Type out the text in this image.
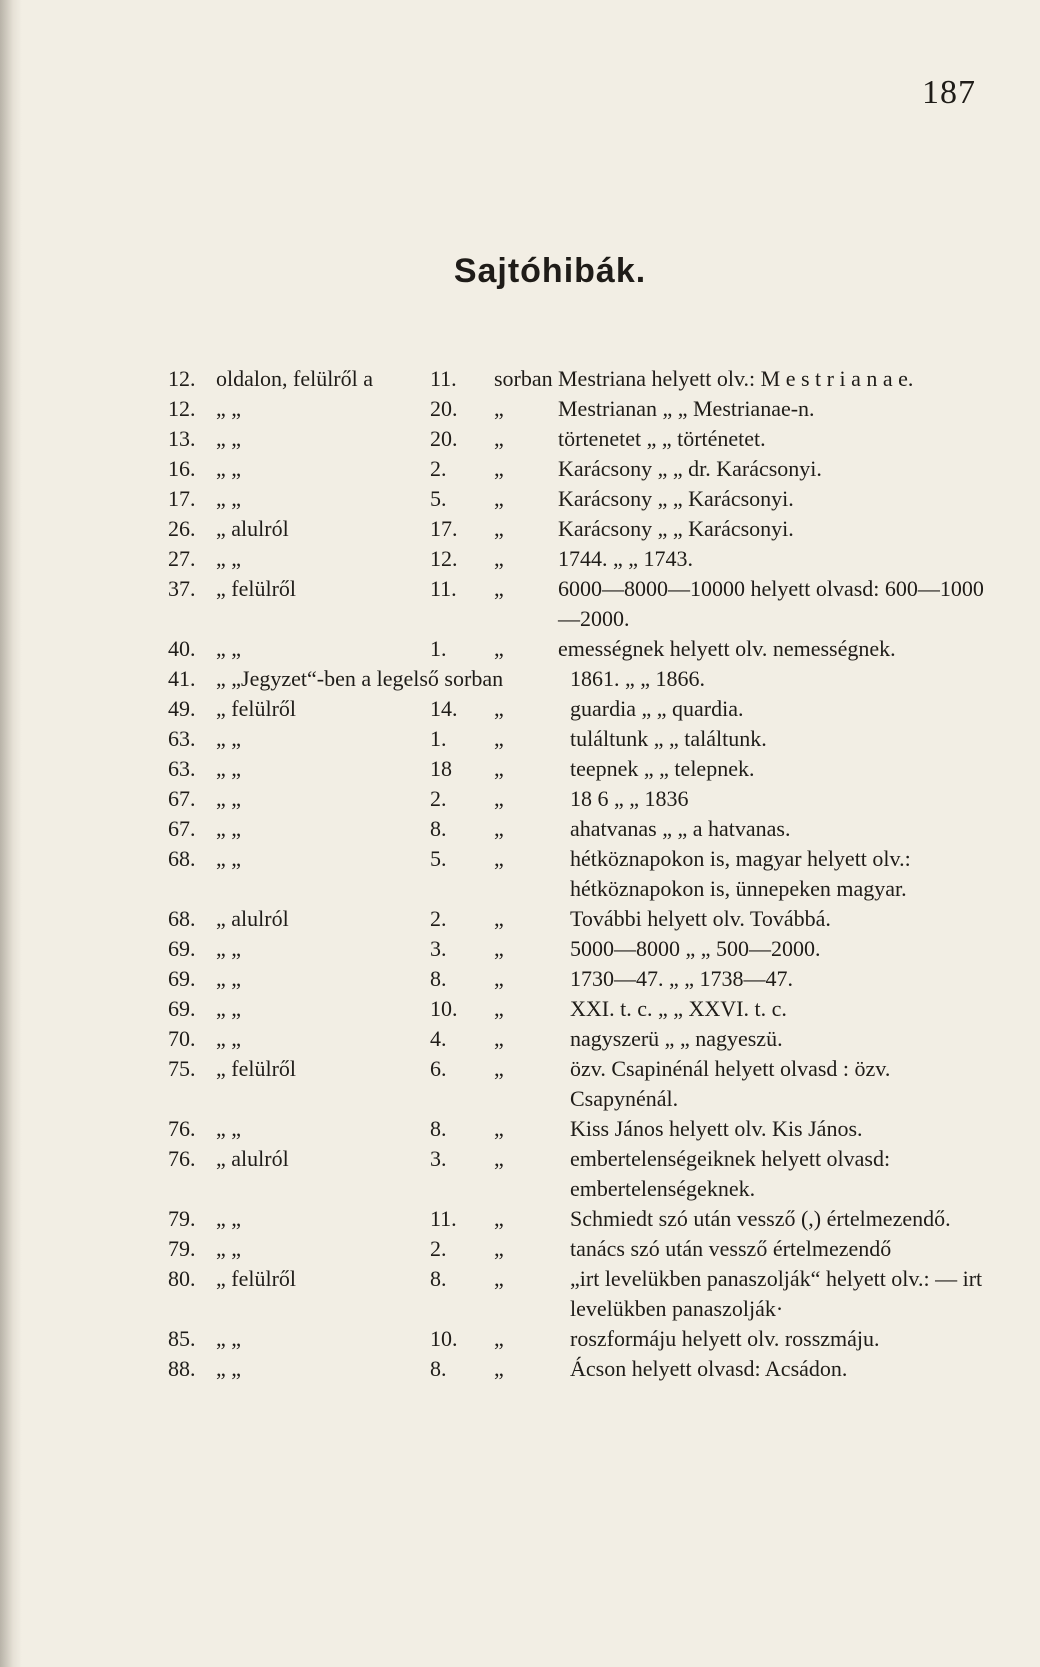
187
Sajtóhibák.
12. oldalon, felülről a	11.	sorban Mestriana helyett olv.: M e s t r i a n a e.
12. „ „	20.	„	Mestrianan „ „ Mestrianae-n.
13. „ „	20.	„	törtenetet „ „ történetet.
16. „ „	2.	„	Karácsony „ „ dr. Karácsonyi.
17. „ „	5.	„	Karácsony „ „ Karácsonyi.
26. „ alulról	17.	„	Karácsony „ „ Karácsonyi.
27. „ „	12.	„	1744. „ „ 1743.
37. „ felülről	11.	„	6000—8000—10000 helyett olvasd: 600—1000—2000.
40. „ „	1.	„	emességnek helyett olv. nemességnek.
41. „ „Jegyzet“-ben a legelső sorban	1861. „ „ 1866.
49. „ felülről	14.	„	guardia „ „ quardia.
63. „ „	1.	„	tuláltunk „ „ találtunk.
63. „ „	18	„	teepnek „ „ telepnek.
67. „ „	2.	„	18 6 „ „ 1836
67. „ „	8.	„	ahatvanas „ „ a hatvanas.
68. „ „	5.	„	hétköznapokon is, magyar helyett olv.: hétköznapokon is, ünnepeken magyar.
68. „ alulról	2.	„	További helyett olv. Továbbá.
69. „ „	3.	„	5000—8000 „ „ 500—2000.
69. „ „	8.	„	1730—47. „ „ 1738—47.
69. „ „	10.	„	XXI. t. c. „ „ XXVI. t. c.
70. „ „	4.	„	nagyszerü „ „ nagyeszü.
75. „ felülről	6.	„	özv. Csapinénál helyett olvasd : özv. Csapynénál.
76. „ „	8.	„	Kiss János helyett olv. Kis János.
76. „ alulról	3.	„	embertelenségeiknek helyett olvasd: embertelenségeknek.
79. „ „	11.	„	Schmiedt szó után vessző (,) értelmezendő.
79. „ „	2.	„	tanács szó után vessző értelmezendő
80. „ felülről	8.	„	„irt levelükben panaszolják“ helyett olv.: — irt levelükben panaszolják·
85. „ „	10.	„	roszformáju helyett olv. rosszmáju.
88. „ „	8.	„	Ácson helyett olvasd: Acsádon.
